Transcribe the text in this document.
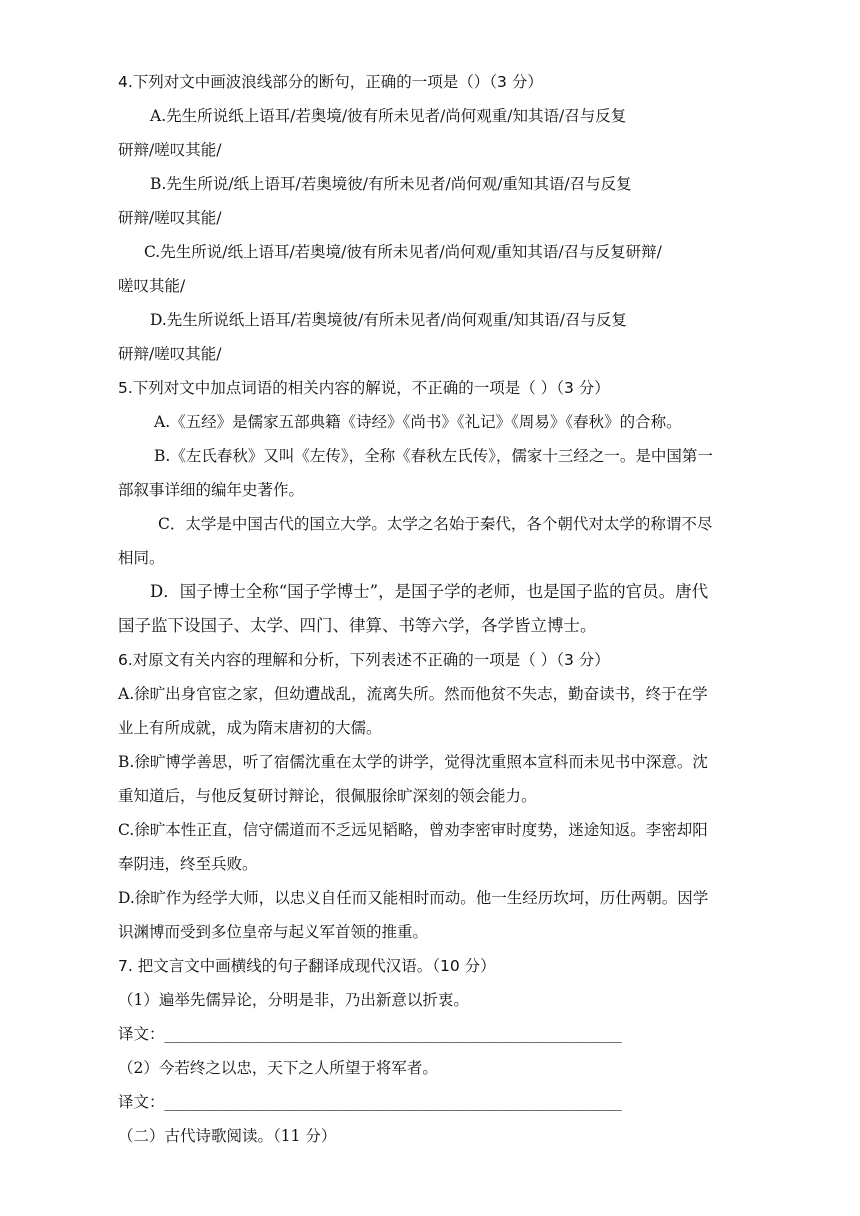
4.下列对文中画波浪线部分的断句，正确的一项是（）（3 分）
A.先生所说纸上语耳/若奥境/彼有所未见者/尚何观重/知其语/召与反复
研辩/嗟叹其能/
B.先生所说/纸上语耳/若奥境彼/有所未见者/尚何观/重知其语/召与反复
研辩/嗟叹其能/
C.先生所说/纸上语耳/若奥境/彼有所未见者/尚何观/重知其语/召与反复研辩/
嗟叹其能/
D.先生所说纸上语耳/若奥境彼/有所未见者/尚何观重/知其语/召与反复
研辩/嗟叹其能/
5.下列对文中加点词语的相关内容的解说，不正确的一项是（ ）（3 分）
A.《五经》是儒家五部典籍《诗经》《尚书》《礼记》《周易》《春秋》的合称。
B.《左氏春秋》又叫《左传》，全称《春秋左氏传》，儒家十三经之一。是中国第一
部叙事详细的编年史著作。
C．太学是中国古代的国立大学。太学之名始于秦代，各个朝代对太学的称谓不尽
相同。
D．国子博士全称“国子学博士”，是国子学的老师，也是国子监的官员。唐代
国子监下设国子、太学、四门、律算、书等六学，各学皆立博士。
6.对原文有关内容的理解和分析，下列表述不正确的一项是（ ）（3 分）
A.徐旷出身官宦之家，但幼遭战乱，流离失所。然而他贫不失志，勤奋读书，终于在学
业上有所成就，成为隋末唐初的大儒。
B.徐旷博学善思，听了宿儒沈重在太学的讲学，觉得沈重照本宣科而未见书中深意。沈
重知道后，与他反复研讨辩论，很佩服徐旷深刻的领会能力。
C.徐旷本性正直，信守儒道而不乏远见韬略，曾劝李密审时度势，迷途知返。李密却阳
奉阴违，终至兵败。
D.徐旷作为经学大师，以忠义自任而又能相时而动。他一生经历坎坷，历仕两朝。因学
识渊博而受到多位皇帝与起义军首领的推重。
7. 把文言文中画横线的句子翻译成现代汉语。（10 分）
（1）遍举先儒异论，分明是非，乃出新意以折衷。
译文：___________________________________________________________
（2）今若终之以忠，天下之人所望于将军者。
译文：___________________________________________________________
（二）古代诗歌阅读。（11 分）
